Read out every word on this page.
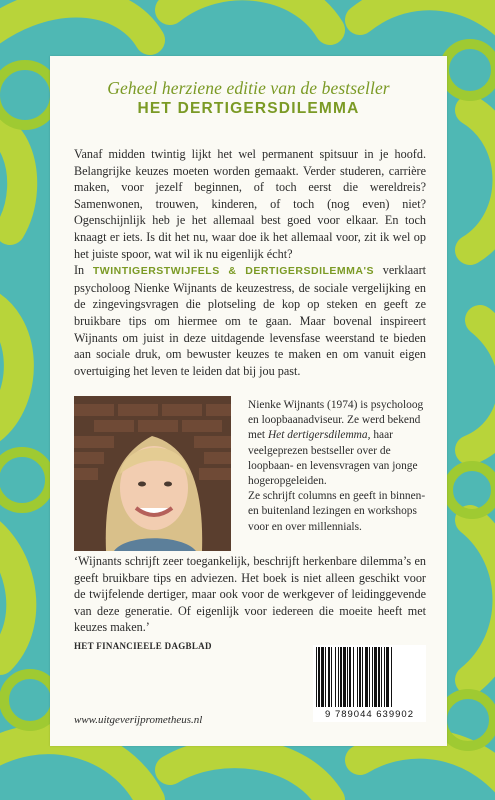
Geheel herziene editie van de bestseller
HET DERTIGERSDILEMMA

Vanaf midden twintig lijkt het wel permanent spitsuur in je hoofd. Belangrijke keuzes moeten worden gemaakt. Verder studeren, carrière maken, voor jezelf beginnen, of toch eerst die wereldreis? Samenwonen, trouwen, kinderen, of toch (nog even) niet? Ogenschijnlijk heb je het allemaal best goed voor elkaar. En toch knaagt er iets. Is dit het nu, waar doe ik het allemaal voor, zit ik wel op het juiste spoor, wat wil ik nu eigenlijk écht?

In TWINTIGERSTWIJFELS & DERTIGERSDILEMMA'S verklaart psycholoog Nienke Wijnants de keuzestress, de sociale vergelijking en de zingevingsvragen die plotseling de kop op steken en geeft ze bruikbare tips om hiermee om te gaan. Maar bovenal inspireert Wijnants om juist in deze uitdagende levensfase weerstand te bieden aan sociale druk, om bewuster keuzes te maken en om vanuit eigen overtuiging het leven te leiden dat bij jou past.

Nienke Wijnants (1974) is psycholoog en loopbaanadviseur. Ze werd bekend met Het dertigersdilemma, haar veelgeprezen bestseller over de loopbaan- en levensvragen van jonge hogeropgeleiden.

Ze schrijft columns en geeft in binnen- en buitenland lezingen en workshops voor en over millennials.

‘Wijnants schrijft zeer toegankelijk, beschrijft herkenbare dilemma’s en geeft bruikbare tips en adviezen. Het boek is niet alleen geschikt voor de twijfelende dertiger, maar ook voor de werkgever of leidinggevende van deze generatie. Of eigenlijk voor iedereen die moeite heeft met keuzes maken.’
HET FINANCIEELE DAGBLAD
9 789044 639902
www.uitgeverijprometheus.nl
